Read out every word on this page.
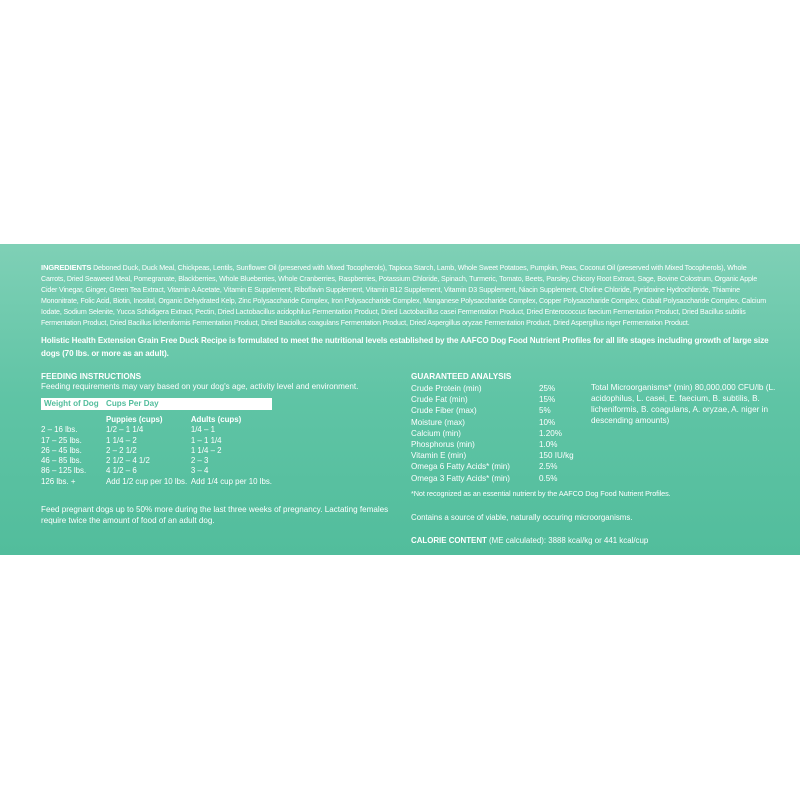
INGREDIENTS Deboned Duck, Duck Meal, Chickpeas, Lentils, Sunflower Oil (preserved with Mixed Tocopherols), Tapioca Starch, Lamb, Whole Sweet Potatoes, Pumpkin, Peas, Coconut Oil (preserved with Mixed Tocopherols), Whole Carrots, Dried Seaweed Meal, Pomegranate, Blackberries, Whole Blueberries, Whole Cranberries, Raspberries, Potassium Chloride, Spinach, Turmeric, Tomato, Beets, Parsley, Chicory Root Extract, Sage, Bovine Colostrum, Organic Apple Cider Vinegar, Ginger, Green Tea Extract, Vitamin A Acetate, Vitamin E Supplement, Riboflavin Supplement, Vitamin B12 Supplement, Vitamin D3 Supplement, Niacin Supplement, Choline Chloride, Pyridoxine Hydrochloride, Thiamine Mononitrate, Folic Acid, Biotin, Inositol, Organic Dehydrated Kelp, Zinc Polysaccharide Complex, Iron Polysaccharide Complex, Manganese Polysaccharide Complex, Copper Polysaccharide Complex, Cobalt Polysaccharide Complex, Calcium Iodate, Sodium Selenite, Yucca Schidigera Extract, Pectin, Dried Lactobacillus acidophilus Fermentation Product, Dried Lactobacillus casei Fermentation Product, Dried Enterococcus faecium Fermentation Product, Dried Bacillus subtilis Fermentation Product, Dried Bacillus licheniformis Fermentation Product, Dried Baciollus coagulans Fermentation Product, Dried Aspergillus oryzae Fermentation Product, Dried Aspergillus niger Fermentation Product.
Holistic Health Extension Grain Free Duck Recipe is formulated to meet the nutritional levels established by the AAFCO Dog Food Nutrient Profiles for all life stages including growth of large size dogs (70 lbs. or more as an adult).
FEEDING INSTRUCTIONS
Feeding requirements may vary based on your dog's age, activity level and environment.
Weight of Dog	Cups Per Day	
	Puppies (cups)	Adults (cups)
2 – 16 lbs.	1/2 – 1 1/4	1/4 – 1
17 – 25 lbs.	1 1/4 – 2	1 – 1 1/4
26 – 45 lbs.	2 – 2 1/2	1 1/4 – 2
46 – 85 lbs.	2 1/2 – 4 1/2	2 – 3
86 – 125 lbs.	4 1/2 – 6	3 – 4
126 lbs. +	Add 1/2 cup per 10 lbs.	Add 1/4 cup per 10 lbs.
Feed pregnant dogs up to 50% more during the last three weeks of pregnancy. Lactating females require twice the amount of food of an adult dog.
GUARANTEED ANALYSIS
Crude Protein (min)	25%
Crude Fat (min)	15%
Crude Fiber (max)	5%
Moisture (max)	10%
Calcium (min)	1.20%
Phosphorus (min)	1.0%
Vitamin E (min)	150 IU/kg
Omega 6 Fatty Acids* (min)	2.5%
Omega 3 Fatty Acids* (min)	0.5%
Total Microorganisms* (min) 80,000,000 CFU/lb (L. acidophilus, L. casei, E. faecium, B. subtilis, B. licheniformis, B. coagulans, A. oryzae, A. niger in descending amounts)
*Not recognized as an essential nutrient by the AAFCO Dog Food Nutrient Profiles.
Contains a source of viable, naturally occuring microorganisms.
CALORIE CONTENT (ME calculated): 3888 kcal/kg or 441 kcal/cup
